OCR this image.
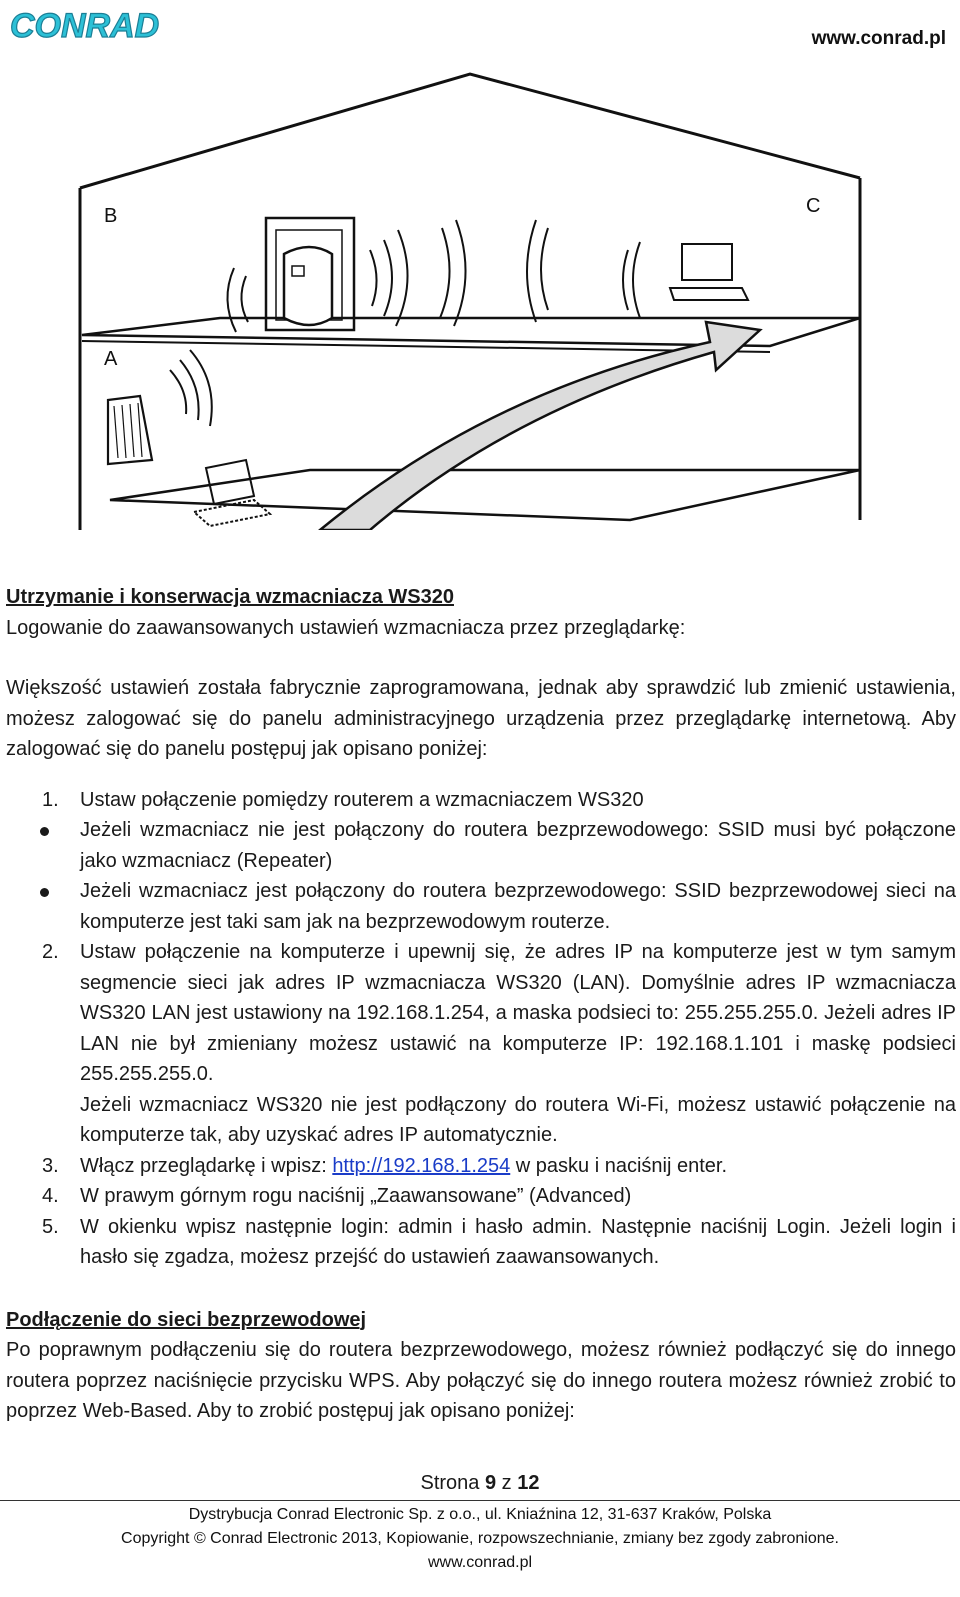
CONRAD	www.conrad.pl
B
A
C
Utrzymanie i konserwacja wzmacniacza WS320
Logowanie do zaawansowanych ustawień wzmacniacza przez przeglądarkę:
Większość ustawień została fabrycznie zaprogramowana, jednak aby sprawdzić lub zmienić ustawienia, możesz zalogować się do panelu administracyjnego urządzenia przez przeglądarkę internetową. Aby zalogować się do panelu postępuj jak opisano poniżej:
1. Ustaw połączenie pomiędzy routerem a wzmacniaczem WS320
Jeżeli wzmacniacz nie jest połączony do routera bezprzewodowego: SSID musi być połączone jako wzmacniacz (Repeater)
Jeżeli wzmacniacz jest połączony do routera bezprzewodowego: SSID bezprzewodowej sieci na komputerze jest taki sam jak na bezprzewodowym routerze.
2. Ustaw połączenie na komputerze i upewnij się, że adres IP na komputerze jest w tym samym segmencie sieci jak adres IP wzmacniacza WS320 (LAN). Domyślnie adres IP wzmacniacza WS320 LAN jest ustawiony na 192.168.1.254, a maska podsieci to: 255.255.255.0. Jeżeli adres IP LAN nie był zmieniany możesz ustawić na komputerze IP: 192.168.1.101 i maskę podsieci 255.255.255.0.
Jeżeli wzmacniacz WS320 nie jest podłączony do routera Wi-Fi, możesz ustawić połączenie na komputerze tak, aby uzyskać adres IP automatycznie.
3. Włącz przeglądarkę i wpisz: http://192.168.1.254 w pasku i naciśnij enter.
4. W prawym górnym rogu naciśnij „Zaawansowane” (Advanced)
5. W okienku wpisz następnie login: admin i hasło admin. Następnie naciśnij Login. Jeżeli login i hasło się zgadza, możesz przejść do ustawień zaawansowanych.
Podłączenie do sieci bezprzewodowej
Po poprawnym podłączeniu się do routera bezprzewodowego, możesz również podłączyć się do innego routera poprzez naciśnięcie przycisku WPS. Aby połączyć się do innego routera możesz również zrobić to poprzez Web-Based. Aby to zrobić postępuj jak opisano poniżej:
Strona 9 z 12
Dystrybucja Conrad Electronic Sp. z o.o., ul. Kniaźnina 12, 31-637 Kraków, Polska
Copyright © Conrad Electronic 2013, Kopiowanie, rozpowszechnianie, zmiany bez zgody zabronione.
www.conrad.pl
